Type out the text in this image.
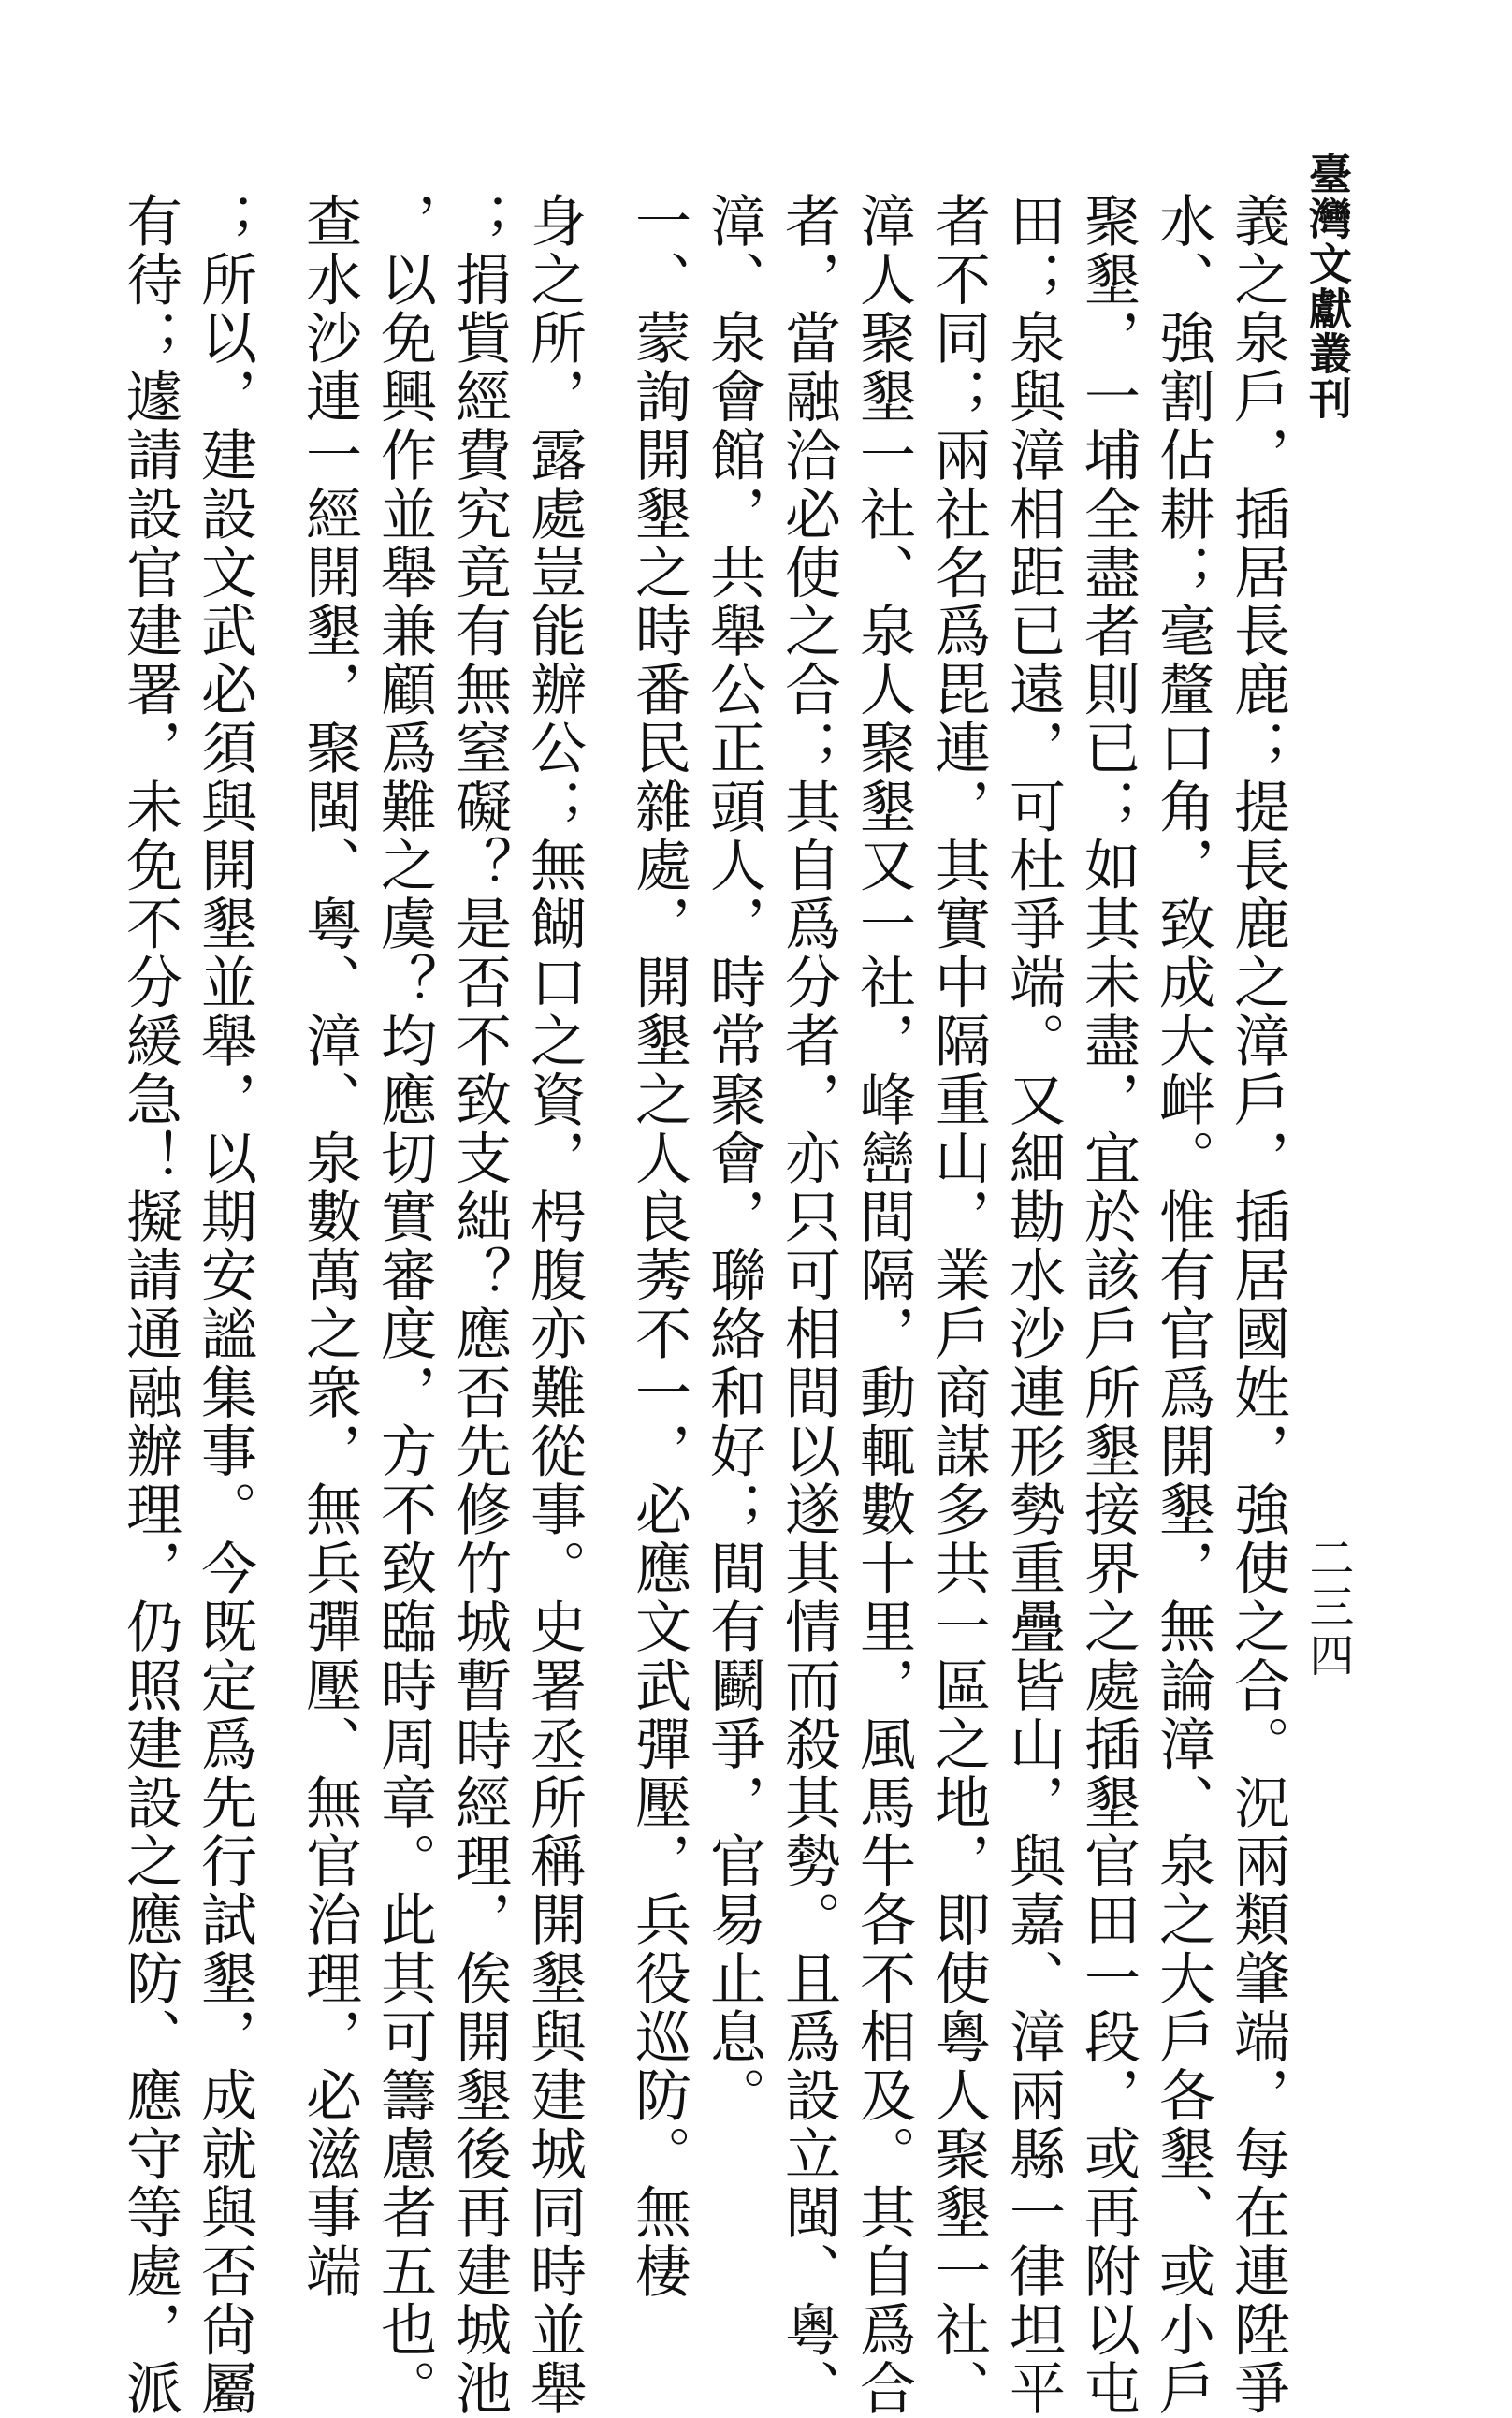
臺灣文獻叢刊
二三四

義之泉戶，插居長鹿；提長鹿之漳戶，插居國姓，強使之合。況兩類肇端，每在連陞爭

水、強割佔耕；毫釐口角，致成大衅。惟有官爲開墾，無論漳、泉之大戶各墾、或小戶

聚墾，一埔全盡者則已；如其未盡，宜於該戶所墾接界之處插墾官田一段，或再附以屯

田；泉與漳相距已遠，可杜爭端。又細勘水沙連形勢重疊皆山，與嘉、漳兩縣一律坦平

者不同；兩社名爲毘連，其實中隔重山，業戶商謀多共一區之地，即使粵人聚墾一社、

漳人聚墾一社、泉人聚墾又一社，峰巒間隔，動輒數十里，風馬牛各不相及。其自爲合

者，當融洽必使之合；其自爲分者，亦只可相間以遂其情而殺其勢。且爲設立閩、粵、

漳、泉會館，共舉公正頭人，時常聚會，聯絡和好；間有鬬爭，官易止息。

一、蒙詢開墾之時番民雜處，開墾之人良莠不一，必應文武彈壓，兵役巡防。無棲

身之所，露處豈能辦公；無餬口之資，枵腹亦難從事。史署丞所稱開墾與建城同時並舉

；捐貲經費究竟有無窒礙？是否不致支絀？應否先修竹城暫時經理，俟開墾後再建城池

，以免興作並舉兼顧爲難之虞？均應切實審度，方不致臨時周章。此其可籌慮者五也。

查水沙連一經開墾，聚閩、粵、漳、泉數萬之衆，無兵彈壓、無官治理，必滋事端

；所以，建設文武必須與開墾並舉，以期安謐集事。今既定爲先行試墾，成就與否尙屬

有待；遽請設官建署，未免不分緩急！擬請通融辦理，仍照建設之應防、應守等處，派
